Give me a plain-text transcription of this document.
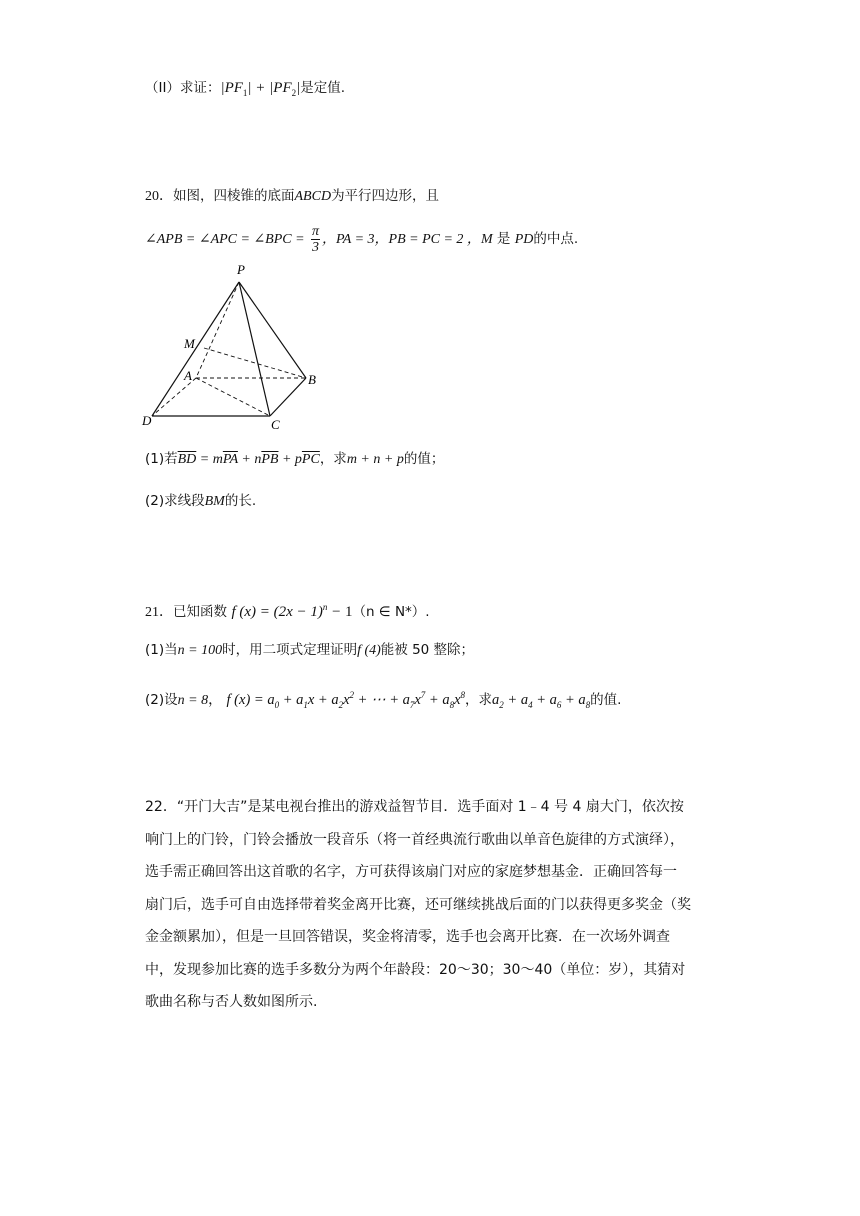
（II）求证：$|PF_1| + |PF_2|$是定值.
20．如图，四棱锥的底面ABCD为平行四边形，且
∠APB = ∠APC = ∠BPC = $\frac{\pi}{3}$ ，PA = 3，PB = PC = 2 ，M 是 PD的中点.
P
M
A	B
C
D
(1)若$\overline{BD} = m\overline{PA} + n\overline{PB} + p\overline{PC}$，求m + n + p的值；
(2)求线段BM的长.
21．已知函数 f $(x) = (2x - 1)^n - 1(n$ ∈ N*）.
(1)当n = 100时，用二项式定理证明f (4)能被 50 整除；
(2)设n = 8， f $(x) = a_0 + a_1x + a_2x^2$ + ⋯ + $a_7x^7 + a_8x^8$，求$a_2 + a_4 + a_6 + a_8$的值.
22．“开门大吉”是某电视台推出的游戏益智节目．选手面对 1﹣4 号 4 扇大门，依次按
响门上的门铃，门铃会播放一段音乐（将一首经典流行歌曲以单音色旋律的方式演绎），
选手需正确回答出这首歌的名字，方可获得该扇门对应的家庭梦想基金．正确回答每一
扇门后，选手可自由选择带着奖金离开比赛，还可继续挑战后面的门以获得更多奖金（奖
金金额累加），但是一旦回答错误，奖金将清零，选手也会离开比赛．在一次场外调查
中，发现参加比赛的选手多数分为两个年龄段：20～30；30～40（单位：岁），其猜对
歌曲名称与否人数如图所示.
